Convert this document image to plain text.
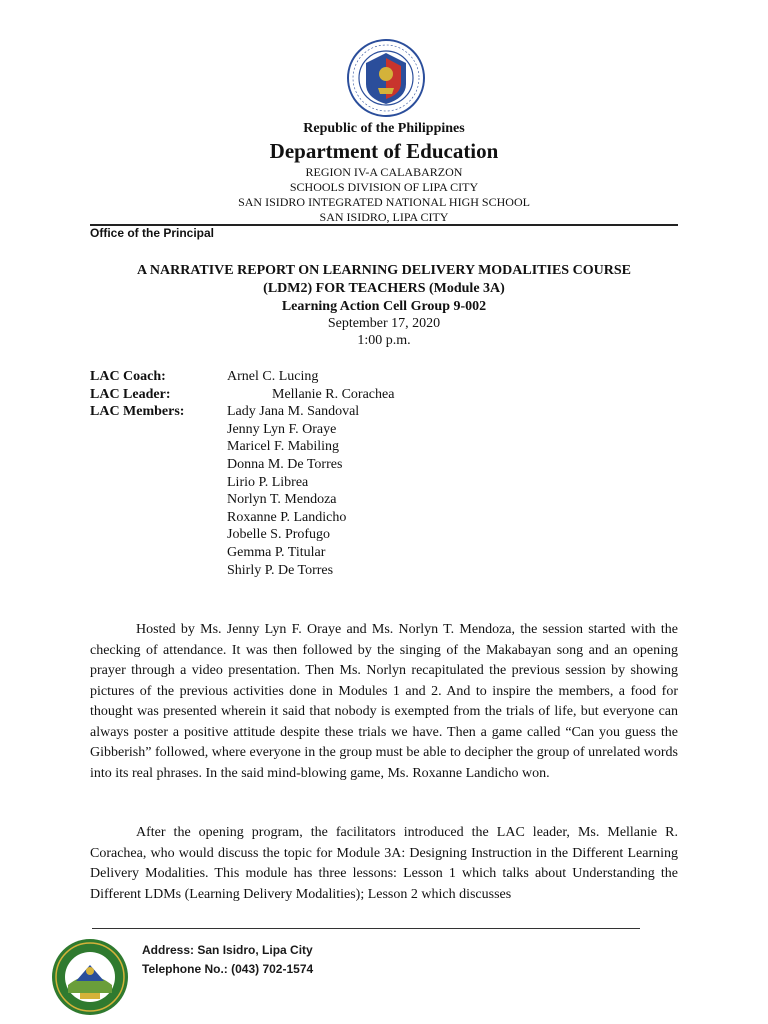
Republic of the Philippines
Department of Education
REGION IV-A CALABARZON
SCHOOLS DIVISION OF LIPA CITY
SAN ISIDRO INTEGRATED NATIONAL HIGH SCHOOL
SAN ISIDRO, LIPA CITY
Office of the Principal
A NARRATIVE REPORT ON LEARNING DELIVERY MODALITIES COURSE
(LDM2) FOR TEACHERS (Module 3A)
Learning Action Cell Group 9-002
September 17, 2020
1:00 p.m.
LAC Coach:	Arnel C. Lucing
LAC Leader:	Mellanie R. Corachea
LAC Members:	Lady Jana M. Sandoval
Jenny Lyn F. Oraye
Maricel F. Mabiling
Donna M. De Torres
Lirio P. Librea
Norlyn T. Mendoza
Roxanne P. Landicho
Jobelle S. Profugo
Gemma P. Titular
Shirly P. De Torres

Hosted by Ms. Jenny Lyn F. Oraye and Ms. Norlyn T. Mendoza, the session started with the checking of attendance. It was then followed by the singing of the Makabayan song and an opening prayer through a video presentation. Then Ms. Norlyn recapitulated the previous session by showing pictures of the previous activities done in Modules 1 and 2. And to inspire the members, a food for thought was presented wherein it said that nobody is exempted from the trials of life, but everyone can always poster a positive attitude despite these trials we have. Then a game called “Can you guess the Gibberish” followed, where everyone in the group must be able to decipher the group of unrelated words into its real phrases. In the said mind-blowing game, Ms. Roxanne Landicho won.

After the opening program, the facilitators introduced the LAC leader, Ms. Mellanie R. Corachea, who would discuss the topic for Module 3A: Designing Instruction in the Different Learning Delivery Modalities. This module has three lessons: Lesson 1 which talks about Understanding the Different LDMs (Learning Delivery Modalities); Lesson 2 which discusses

Address: San Isidro, Lipa City
Telephone No.: (043) 702-1574
